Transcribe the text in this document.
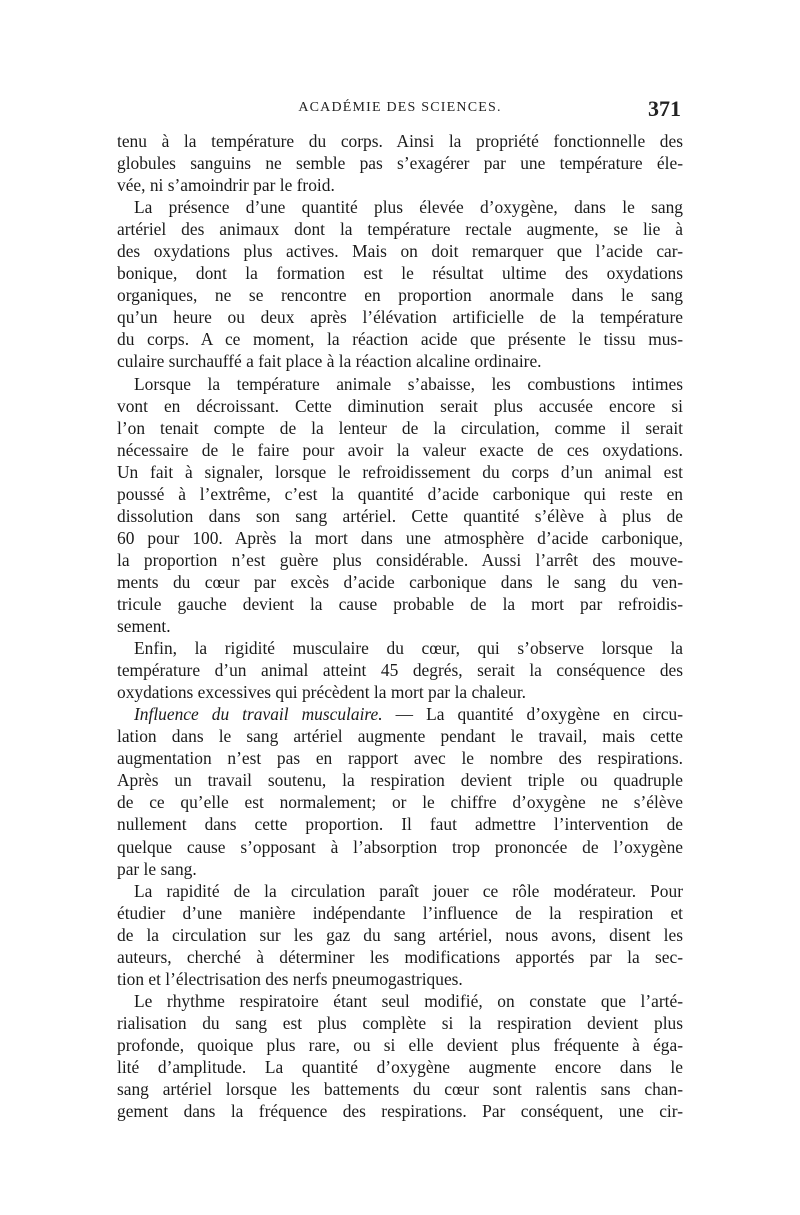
ACADÉMIE DES SCIENCES.	371
tenu à la température du corps. Ainsi la propriété fonctionnelle des
globules sanguins ne semble pas s’exagérer par une température éle-
vée, ni s’amoindrir par le froid.
La présence d’une quantité plus élevée d’oxygène, dans le sang
artériel des animaux dont la température rectale augmente, se lie à
des oxydations plus actives. Mais on doit remarquer que l’acide car-
bonique, dont la formation est le résultat ultime des oxydations
organiques, ne se rencontre en proportion anormale dans le sang
qu’un heure ou deux après l’élévation artificielle de la température
du corps. A ce moment, la réaction acide que présente le tissu mus-
culaire surchauffé a fait place à la réaction alcaline ordinaire.
Lorsque la température animale s’abaisse, les combustions intimes
vont en décroissant. Cette diminution serait plus accusée encore si
l’on tenait compte de la lenteur de la circulation, comme il serait
nécessaire de le faire pour avoir la valeur exacte de ces oxydations.
Un fait à signaler, lorsque le refroidissement du corps d’un animal est
poussé à l’extrême, c’est la quantité d’acide carbonique qui reste en
dissolution dans son sang artériel. Cette quantité s’élève à plus de
60 pour 100. Après la mort dans une atmosphère d’acide carbonique,
la proportion n’est guère plus considérable. Aussi l’arrêt des mouve-
ments du cœur par excès d’acide carbonique dans le sang du ven-
tricule gauche devient la cause probable de la mort par refroidis-
sement.
Enfin, la rigidité musculaire du cœur, qui s’observe lorsque la
température d’un animal atteint 45 degrés, serait la conséquence des
oxydations excessives qui précèdent la mort par la chaleur.
Influence du travail musculaire. — La quantité d’oxygène en circu-
lation dans le sang artériel augmente pendant le travail, mais cette
augmentation n’est pas en rapport avec le nombre des respirations.
Après un travail soutenu, la respiration devient triple ou quadruple
de ce qu’elle est normalement; or le chiffre d’oxygène ne s’élève
nullement dans cette proportion. Il faut admettre l’intervention de
quelque cause s’opposant à l’absorption trop prononcée de l’oxygène
par le sang.
La rapidité de la circulation paraît jouer ce rôle modérateur. Pour
étudier d’une manière indépendante l’influence de la respiration et
de la circulation sur les gaz du sang artériel, nous avons, disent les
auteurs, cherché à déterminer les modifications apportés par la sec-
tion et l’électrisation des nerfs pneumogastriques.
Le rhythme respiratoire étant seul modifié, on constate que l’arté-
rialisation du sang est plus complète si la respiration devient plus
profonde, quoique plus rare, ou si elle devient plus fréquente à éga-
lité d’amplitude. La quantité d’oxygène augmente encore dans le
sang artériel lorsque les battements du cœur sont ralentis sans chan-
gement dans la fréquence des respirations. Par conséquent, une cir-
